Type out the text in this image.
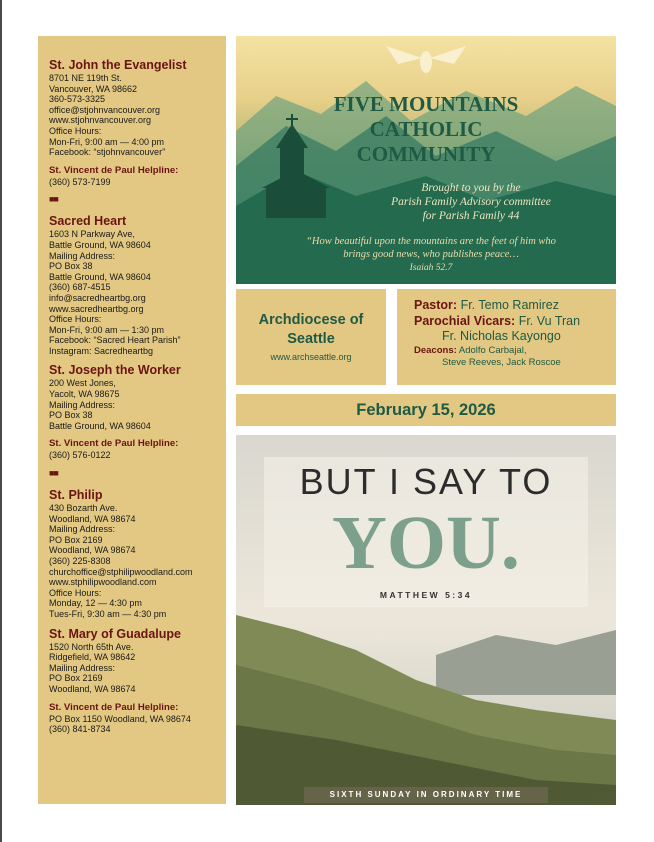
St. John the Evangelist
8701 NE 119th St.
Vancouver, WA 98662
360-573-3325
office@stjohnvancouver.org
www.stjohnvancouver.org
Office Hours:
Mon-Fri, 9:00 am — 4:00 pm
Facebook: “stjohnvancouver”
St. Vincent de Paul Helpline:
(360) 573-7199
■■
Sacred Heart
1603 N Parkway Ave,
Battle Ground, WA 98604
Mailing Address:
PO Box 38
Battle Ground, WA 98604
(360) 687-4515
info@sacredheartbg.org
www.sacredheartbg.org
Office Hours:
Mon-Fri, 9:00 am — 1:30 pm
Facebook: “Sacred Heart Parish”
Instagram: Sacredheartbg
St. Joseph the Worker
200 West Jones,
Yacolt, WA 98675
Mailing Address:
PO Box 38
Battle Ground, WA 98604
St. Vincent de Paul Helpline:
(360) 576-0122
■■
St. Philip
430 Bozarth Ave.
Woodland, WA 98674
Mailing Address:
PO Box 2169
Woodland, WA 98674
(360) 225-8308
churchoffice@stphilipwoodland.com
www.stphilipwoodland.com
Office Hours:
Monday, 12 — 4:30 pm
Tues-Fri, 9:30 am — 4:30 pm
St. Mary of Guadalupe
1520 North 65th Ave.
Ridgefield, WA 98642
Mailing Address:
PO Box 2169
Woodland, WA 98674
St. Vincent de Paul Helpline:
PO Box 1150 Woodland, WA 98674
(360) 841-8734
FIVE MOUNTAINS
CATHOLIC
COMMUNITY
Brought to you by the
Parish Family Advisory committee
for Parish Family 44
“How beautiful upon the mountains are the feet of him who
brings good news, who publishes peace…
Isaiah 52.7
Archdiocese of
Seattle
www.archseattle.org
Pastor: Fr. Temo Ramirez
Parochial Vicars: Fr. Vu Tran
Fr. Nicholas Kayongo
Deacons: Adolfo Carbajal,
Steve Reeves, Jack Roscoe
February 15, 2026
BUT I SAY TO
YOU.
MATTHEW 5:34
SIXTH SUNDAY IN ORDINARY TIME
OLPH
